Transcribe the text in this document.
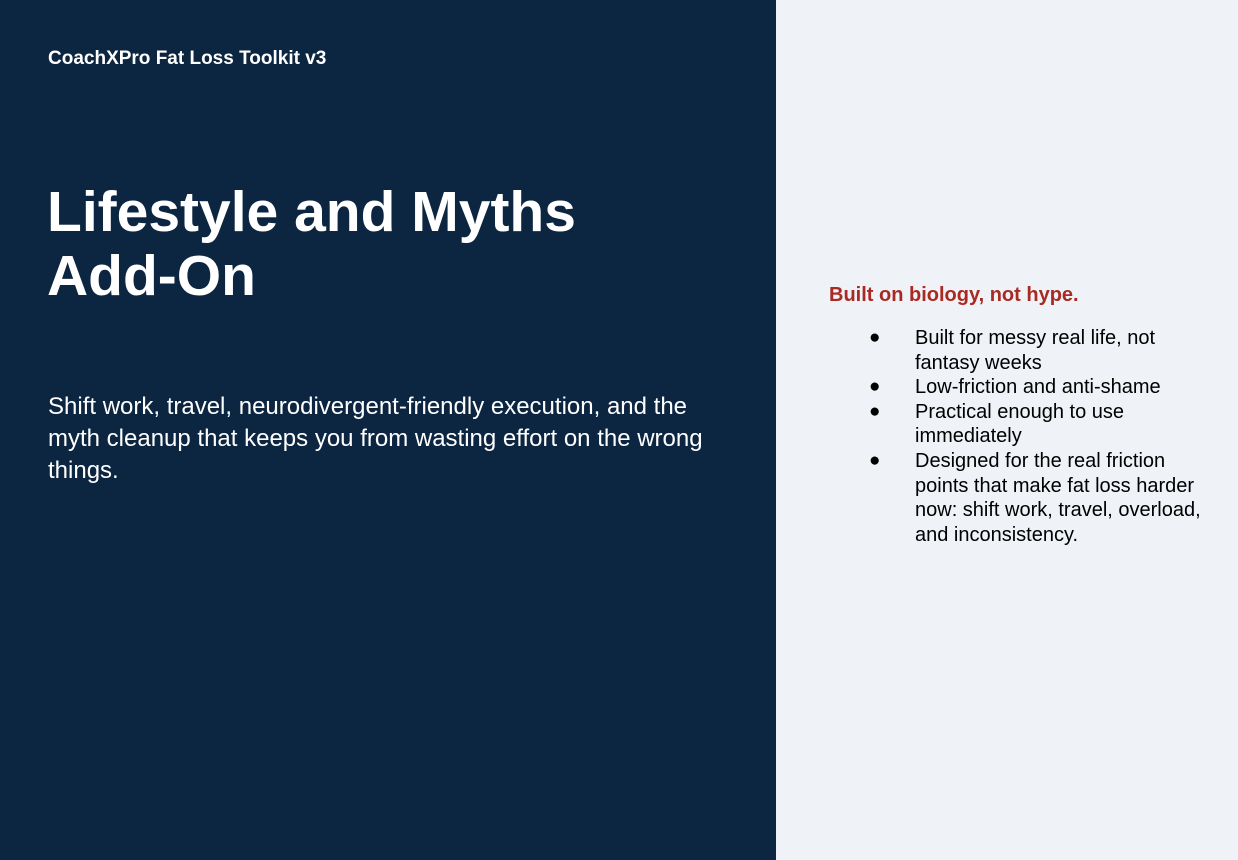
CoachXPro Fat Loss Toolkit v3
Lifestyle and Myths
Add-On
Shift work, travel, neurodivergent-friendly execution, and the myth cleanup that keeps you from wasting effort on the wrong things.
Built on biology, not hype.
●	Built for messy real life, not fantasy weeks
●	Low-friction and anti-shame
●	Practical enough to use immediately
●	Designed for the real friction points that make fat loss harder now: shift work, travel, overload, and inconsistency.
